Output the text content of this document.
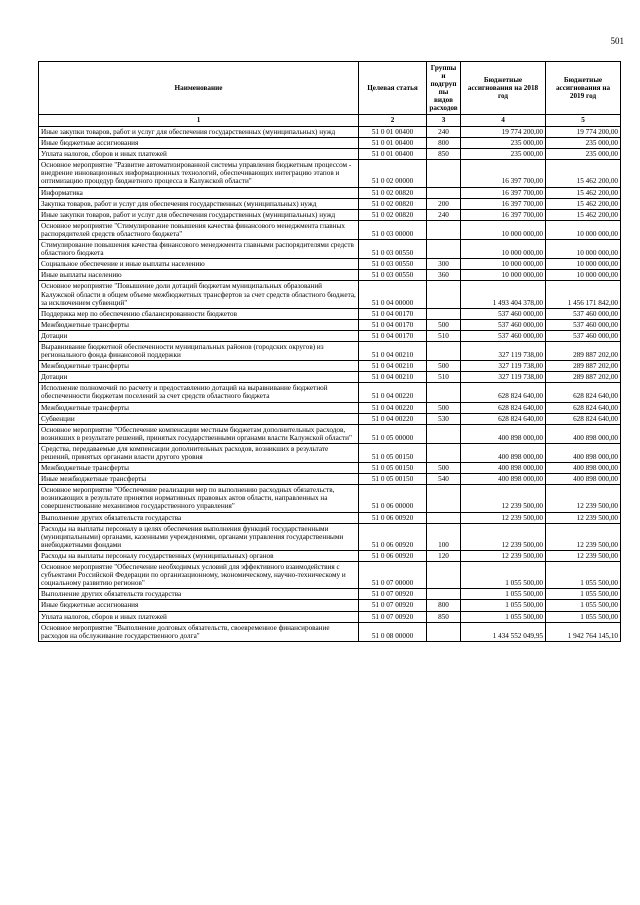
501
Наименование	Целевая статья	Группы и подгруппы видов расходов	Бюджетные ассигнования на 2018 год	Бюджетные ассигнования на 2019 год
1	2	3	4	5
Иные закупки товаров, работ и услуг для обеспечения государственных (муниципальных) нужд	51 0 01 00400	240	19 774 200,00	19 774 200,00
Иные бюджетные ассигнования	51 0 01 00400	800	235 000,00	235 000,00
Уплата налогов, сборов и иных платежей	51 0 01 00400	850	235 000,00	235 000,00
Основное мероприятие "Развитие автоматизированной системы управления бюджетным процессом - внедрение инновационных информационных технологий, обеспечивающих интеграцию этапов и оптимизацию процедур бюджетного процесса в Калужской области"	51 0 02 00000		16 397 700,00	15 462 200,00
Информатика	51 0 02 00820		16 397 700,00	15 462 200,00
Закупка товаров, работ и услуг для обеспечения государственных (муниципальных) нужд	51 0 02 00820	200	16 397 700,00	15 462 200,00
Иные закупки товаров, работ и услуг для обеспечения государственных (муниципальных) нужд	51 0 02 00820	240	16 397 700,00	15 462 200,00
Основное мероприятие "Стимулирование повышения качества финансового менеджмента главных распорядителей средств областного бюджета"	51 0 03 00000		10 000 000,00	10 000 000,00
Стимулирование повышения качества финансового менеджмента главными распорядителями средств областного бюджета	51 0 03 00550		10 000 000,00	10 000 000,00
Социальное обеспечение и иные выплаты населению	51 0 03 00550	300	10 000 000,00	10 000 000,00
Иные выплаты населению	51 0 03 00550	360	10 000 000,00	10 000 000,00
Основное мероприятие "Повышение доли дотаций бюджетам муниципальных образований Калужской области в общем объеме межбюджетных трансфертов за счет средств областного бюджета, за исключением субвенций"	51 0 04 00000		1 493 404 378,00	1 456 171 842,00
Поддержка мер по обеспечению сбалансированности бюджетов	51 0 04 00170		537 460 000,00	537 460 000,00
Межбюджетные трансферты	51 0 04 00170	500	537 460 000,00	537 460 000,00
Дотации	51 0 04 00170	510	537 460 000,00	537 460 000,00
Выравнивание бюджетной обеспеченности муниципальных районов (городских округов) из регионального фонда финансовой поддержки	51 0 04 00210		327 119 738,00	289 887 202,00
Межбюджетные трансферты	51 0 04 00210	500	327 119 738,00	289 887 202,00
Дотации	51 0 04 00210	510	327 119 738,00	289 887 202,00
Исполнение полномочий по расчету и предоставлению дотаций на выравнивание бюджетной обеспеченности бюджетам поселений за счет средств областного бюджета	51 0 04 00220		628 824 640,00	628 824 640,00
Межбюджетные трансферты	51 0 04 00220	500	628 824 640,00	628 824 640,00
Субвенции	51 0 04 00220	530	628 824 640,00	628 824 640,00
Основное мероприятие "Обеспечение компенсации местным бюджетам дополнительных расходов, возникших в результате решений, принятых государственными органами власти Калужской области"	51 0 05 00000		400 898 000,00	400 898 000,00
Средства, передаваемые для компенсации дополнительных расходов, возникших в результате решений, принятых органами власти другого уровня	51 0 05 00150		400 898 000,00	400 898 000,00
Межбюджетные трансферты	51 0 05 00150	500	400 898 000,00	400 898 000,00
Иные межбюджетные трансферты	51 0 05 00150	540	400 898 000,00	400 898 000,00
Основное мероприятие "Обеспечение реализации мер по выполнению расходных обязательств, возникающих в результате принятия нормативных правовых актов области, направленных на совершенствование механизмов государственного управления"	51 0 06 00000		12 239 500,00	12 239 500,00
Выполнение других обязательств государства	51 0 06 00920		12 239 500,00	12 239 500,00
Расходы на выплаты персоналу в целях обеспечения выполнения функций государственными (муниципальными) органами, казенными учреждениями, органами управления государственными внебюджетными фондами	51 0 06 00920	100	12 239 500,00	12 239 500,00
Расходы на выплаты персоналу государственных (муниципальных) органов	51 0 06 00920	120	12 239 500,00	12 239 500,00
Основное мероприятие "Обеспечение необходимых условий для эффективного взаимодействия с субъектами Российской Федерации по организационному, экономическому, научно-техническому и социальному развитию регионов"	51 0 07 00000		1 055 500,00	1 055 500,00
Выполнение других обязательств государства	51 0 07 00920		1 055 500,00	1 055 500,00
Иные бюджетные ассигнования	51 0 07 00920	800	1 055 500,00	1 055 500,00
Уплата налогов, сборов и иных платежей	51 0 07 00920	850	1 055 500,00	1 055 500,00
Основное мероприятие "Выполнение долговых обязательств, своевременное финансирование расходов на обслуживание государственного долга"	51 0 08 00000		1 434 552 049,95	1 942 764 145,10
